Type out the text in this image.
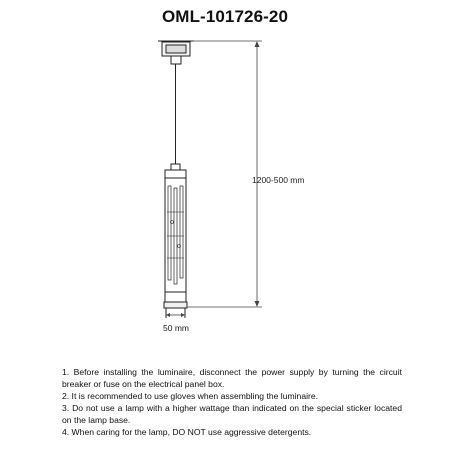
OML-101726-20
1200-500 mm
50 mm

1. Before installing the luminaire, disconnect the power supply by turning the circuit breaker or fuse on the electrical panel box.

2. It is recommended to use gloves when assembling the luminaire.

3. Do not use a lamp with a higher wattage than indicated on the special sticker located on the lamp base.

4. When caring for the lamp, DO NOT use aggressive detergents.
